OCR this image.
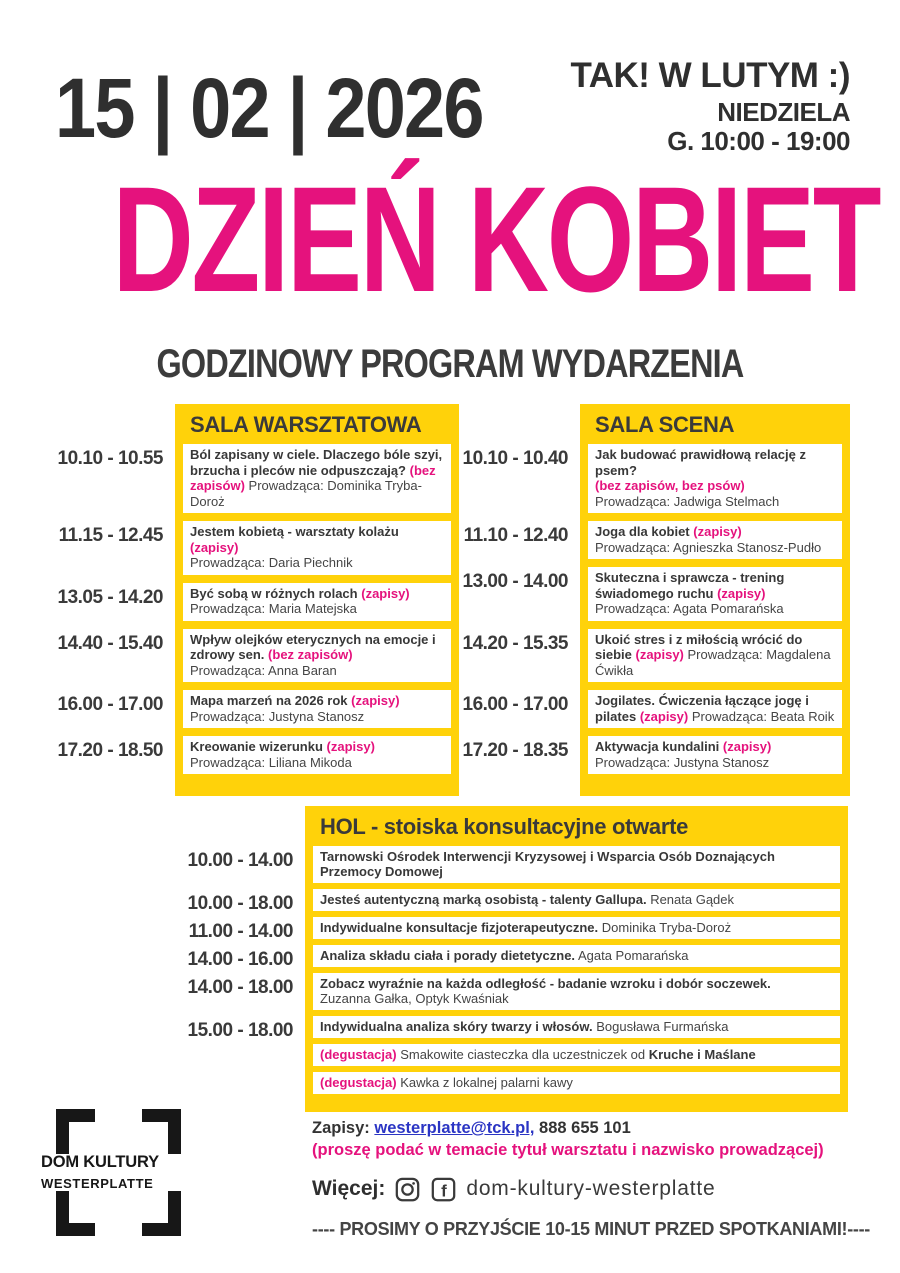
15 | 02 | 2026	TAK! W LUTYM :)
NIEDZIELA
G. 10:00 - 19:00
DZIEŃ KOBIET
GODZINOWY PROGRAM WYDARZENIA
SALA WARSZTATOWA
10.10 - 10.55	Ból zapisany w ciele. Dlaczego bóle szyi, brzucha i pleców nie odpuszczają? (bez zapisów) Prowadząca: Dominika Tryba-Doroż
11.15 - 12.45	Jestem kobietą - warsztaty kolażu (zapisy)
Prowadząca: Daria Piechnik
13.05 - 14.20	Być sobą w różnych rolach (zapisy)
Prowadząca: Maria Matejska
14.40 - 15.40	Wpływ olejków eterycznych na emocje i zdrowy sen. (bez zapisów)
Prowadząca: Anna Baran
16.00 - 17.00	Mapa marzeń na 2026 rok (zapisy)
Prowadząca: Justyna Stanosz
17.20 - 18.50	Kreowanie wizerunku (zapisy)
Prowadząca: Liliana Mikoda
SALA SCENA
10.10 - 10.40	Jak budować prawidłową relację z psem?
(bez zapisów, bez psów)
Prowadząca: Jadwiga Stelmach
11.10 - 12.40	Joga dla kobiet (zapisy)
Prowadząca: Agnieszka Stanosz-Pudło
13.00 - 14.00	Skuteczna i sprawcza - trening świadomego ruchu (zapisy)
Prowadząca: Agata Pomarańska
14.20 - 15.35	Ukoić stres i z miłością wrócić do siebie (zapisy) Prowadząca: Magdalena Ćwikła
16.00 - 17.00	Jogilates. Ćwiczenia łączące jogę i pilates (zapisy) Prowadząca: Beata Roik
17.20 - 18.35	Aktywacja kundalini (zapisy)
Prowadząca: Justyna Stanosz
HOL - stoiska konsultacyjne otwarte
10.00 - 14.00	Tarnowski Ośrodek Interwencji Kryzysowej i Wsparcia Osób Doznających Przemocy Domowej
10.00 - 18.00	Jesteś autentyczną marką osobistą - talenty Gallupa. Renata Gądek
11.00 - 14.00	Indywidualne konsultacje fizjoterapeutyczne. Dominika Tryba-Doroż
14.00 - 16.00	Analiza składu ciała i porady dietetyczne. Agata Pomarańska
14.00 - 18.00	Zobacz wyraźnie na każda odległość - badanie wzroku i dobór soczewek.
Zuzanna Gałka, Optyk Kwaśniak
15.00 - 18.00	Indywidualna analiza skóry twarzy i włosów. Bogusława Furmańska
(degustacja) Smakowite ciasteczka dla uczestniczek od Kruche i Maślane
(degustacja) Kawka z lokalnej palarni kawy
DOM KULTURY
WESTERPLATTE
Zapisy: westerplatte@tck.pl, 888 655 101
(proszę podać w temacie tytuł warsztatu i nazwisko prowadzącej)
Więcej:	f dom-kultury-westerplatte
---- PROSIMY O PRZYJŚCIE 10-15 MINUT PRZED SPOTKANIAMI!----
